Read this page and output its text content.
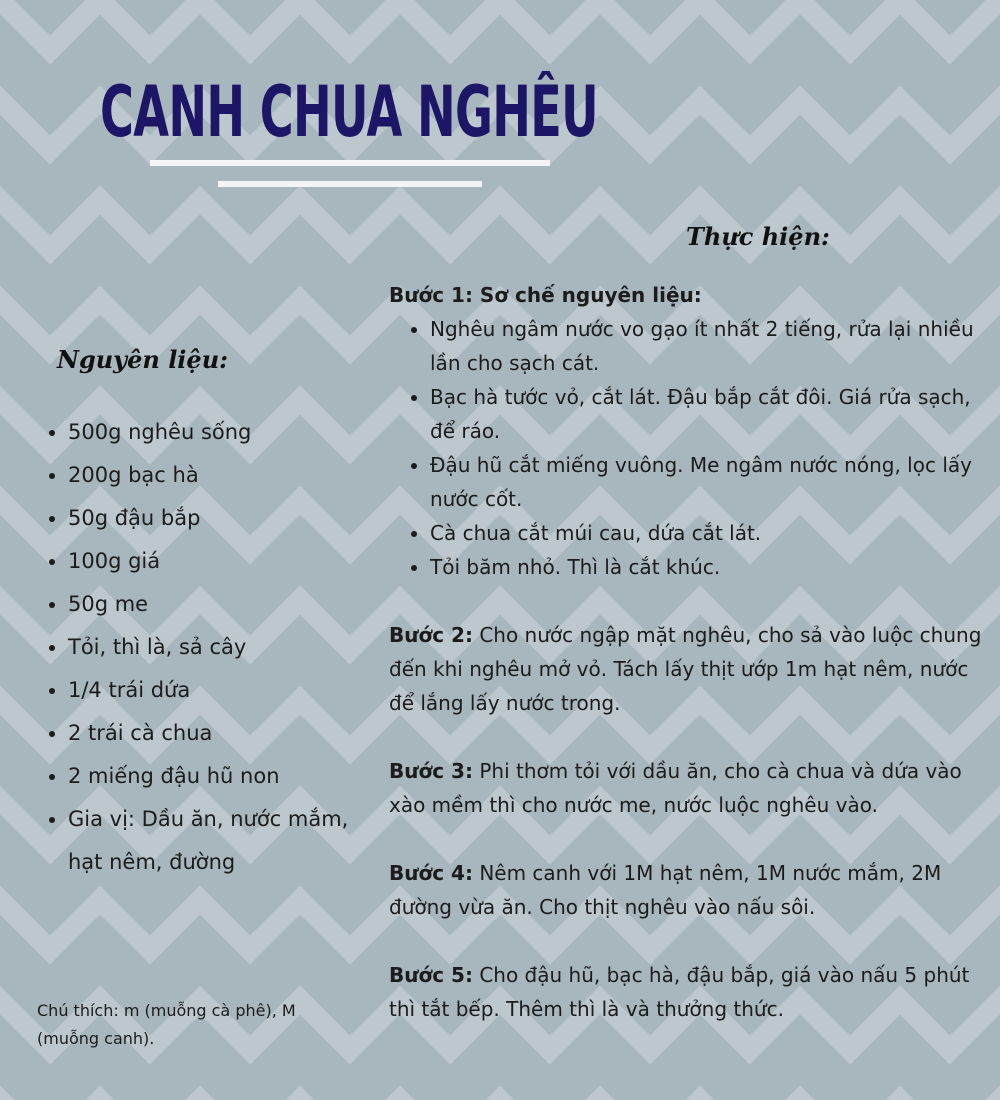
CANH CHUA NGHÊU
Thực hiện:
Nguyên liệu:
• 500g nghêu sống
• 200g bạc hà
• 50g đậu bắp
• 100g giá
• 50g me
• Tỏi, thì là, sả cây
• 1/4 trái dứa
• 2 trái cà chua
• 2 miếng đậu hũ non
• Gia vị: Dầu ăn, nước mắm, hạt nêm, đường

Chú thích: m (muỗng cà phê), M (muỗng canh).

Bước 1: Sơ chế nguyên liệu:

• Nghêu ngâm nước vo gạo ít nhất 2 tiếng, rửa lại nhiều lần cho sạch cát.
• Bạc hà tước vỏ, cắt lát. Đậu bắp cắt đôi. Giá rửa sạch, để ráo.
• Đậu hũ cắt miếng vuông. Me ngâm nước nóng, lọc lấy nước cốt.
• Cà chua cắt múi cau, dứa cắt lát.
• Tỏi băm nhỏ. Thì là cắt khúc.

Bước 2: Cho nước ngập mặt nghêu, cho sả vào luộc chung đến khi nghêu mở vỏ. Tách lấy thịt ướp 1m hạt nêm, nước để lắng lấy nước trong.

Bước 3: Phi thơm tỏi với dầu ăn, cho cà chua và dứa vào xào mềm thì cho nước me, nước luộc nghêu vào.

Bước 4: Nêm canh với 1M hạt nêm, 1M nước mắm, 2M đường vừa ăn. Cho thịt nghêu vào nấu sôi.

Bước 5: Cho đậu hũ, bạc hà, đậu bắp, giá vào nấu 5 phút thì tắt bếp. Thêm thì là và thưởng thức.
